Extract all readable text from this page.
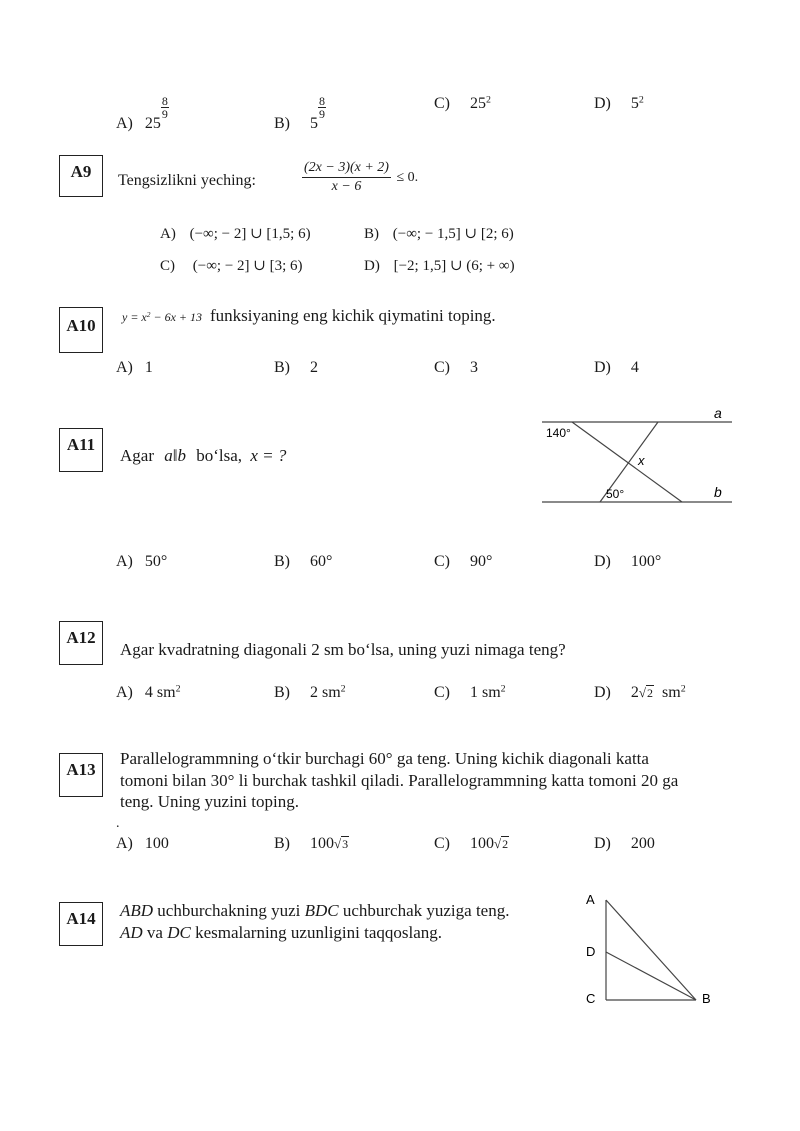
A) 25
$\frac{8}{9}$
B) 5
$\frac{8}{9}$	C) $25^2$	D) $5^2$
A9	Tengsizlikni yeching:	$\frac{(2x - 3)(x + 2)}{x - 6} \le 0$.
A) (−∞; − 2] ∪ [1,5; 6)	B) (−∞; − 1,5] ∪ [2; 6)
C) (−∞; − 2] ∪ [3; 6)	D) [−2; 1,5] ∪ (6; + ∞)
A10	$y = x^2 - 6x + 13$ funksiyaning eng kichik qiymatini toping.
A) 1	B) 2	C) 3	D) 4
A11
Agar a‖b bo‘lsa, x = ?
140°
50°
x
a
b
A) 50°	B) 60°	C) 90°	D) 100°
A12
Agar kvadratning diagonali 2 sm bo‘lsa, uning yuzi nimaga teng?
A) 4 $sm^2$	B) 2 $sm^2$	C) 1 $sm^2$	D) 2√2 $sm^2$
A13
Parallelogrammning o‘tkir burchagi 60° ga teng. Uning kichik diagonali katta
tomoni bilan 30° li burchak tashkil qiladi. Parallelogrammning katta tomoni 20 ga
teng. Uning yuzini toping.
.
A) 100	B) 100√3	C) 100√2	D) 200
A14	ABD uchburchakning yuzi BDC uchburchak yuziga teng.
AD va DC kesmalarning uzunligini taqqoslang.
A
D
C	B
